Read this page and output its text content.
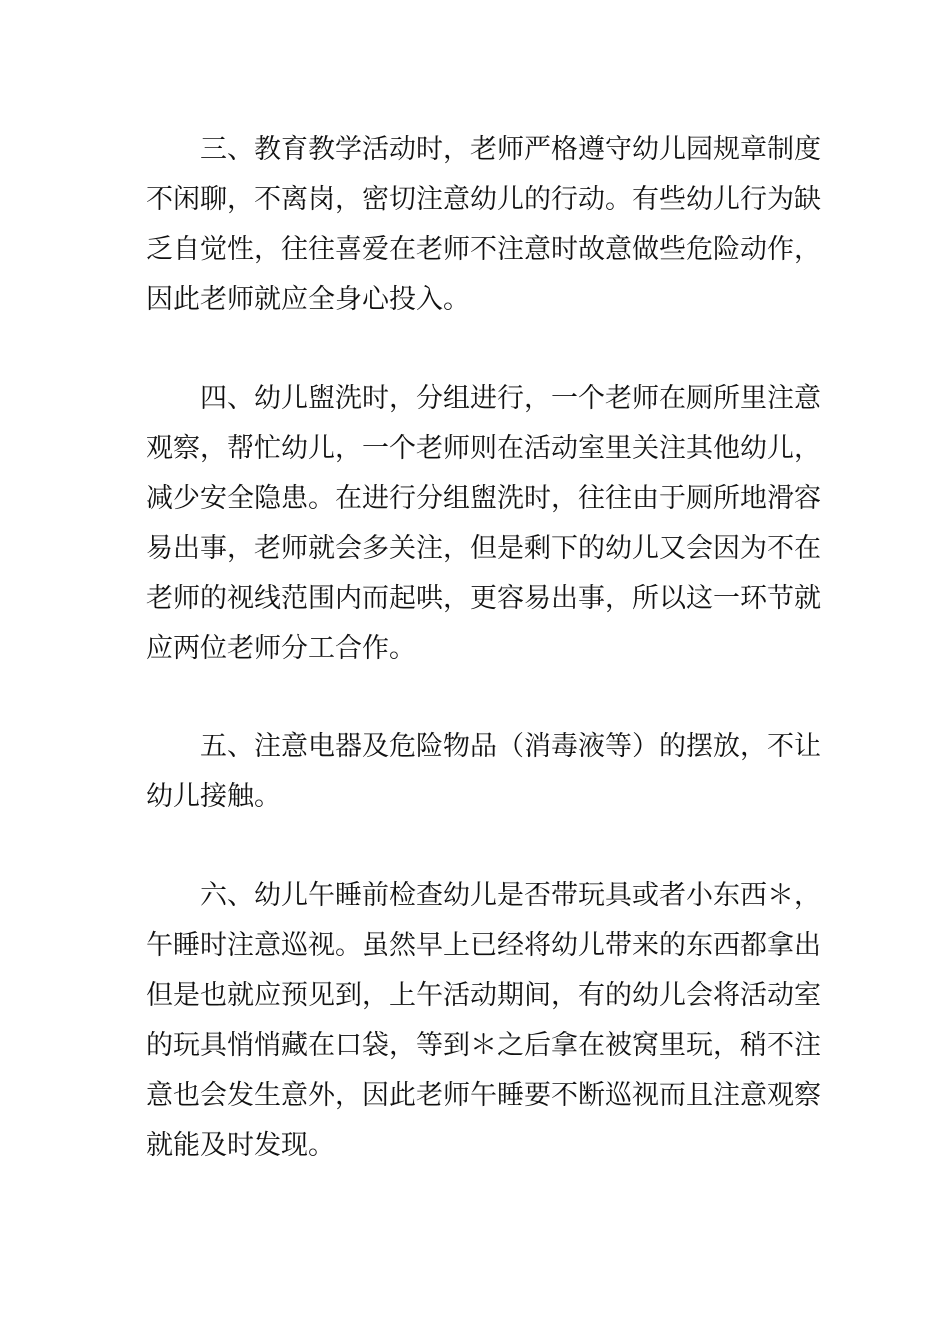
三、教育教学活动时，老师严格遵守幼儿园规章制度
不闲聊，不离岗，密切注意幼儿的行动。有些幼儿行为缺
乏自觉性，往往喜爱在老师不注意时故意做些危险动作，
因此老师就应全身心投入。
四、幼儿盥洗时，分组进行，一个老师在厕所里注意
观察，帮忙幼儿，一个老师则在活动室里关注其他幼儿，
减少安全隐患。在进行分组盥洗时，往往由于厕所地滑容
易出事，老师就会多关注，但是剩下的幼儿又会因为不在
老师的视线范围内而起哄，更容易出事，所以这一环节就
应两位老师分工合作。
五、注意电器及危险物品（消毒液等）的摆放，不让
幼儿接触。
六、幼儿午睡前检查幼儿是否带玩具或者小东西＊，
午睡时注意巡视。虽然早上已经将幼儿带来的东西都拿出
但是也就应预见到，上午活动期间，有的幼儿会将活动室
的玩具悄悄藏在口袋，等到＊之后拿在被窝里玩，稍不注
意也会发生意外，因此老师午睡要不断巡视而且注意观察
就能及时发现。
